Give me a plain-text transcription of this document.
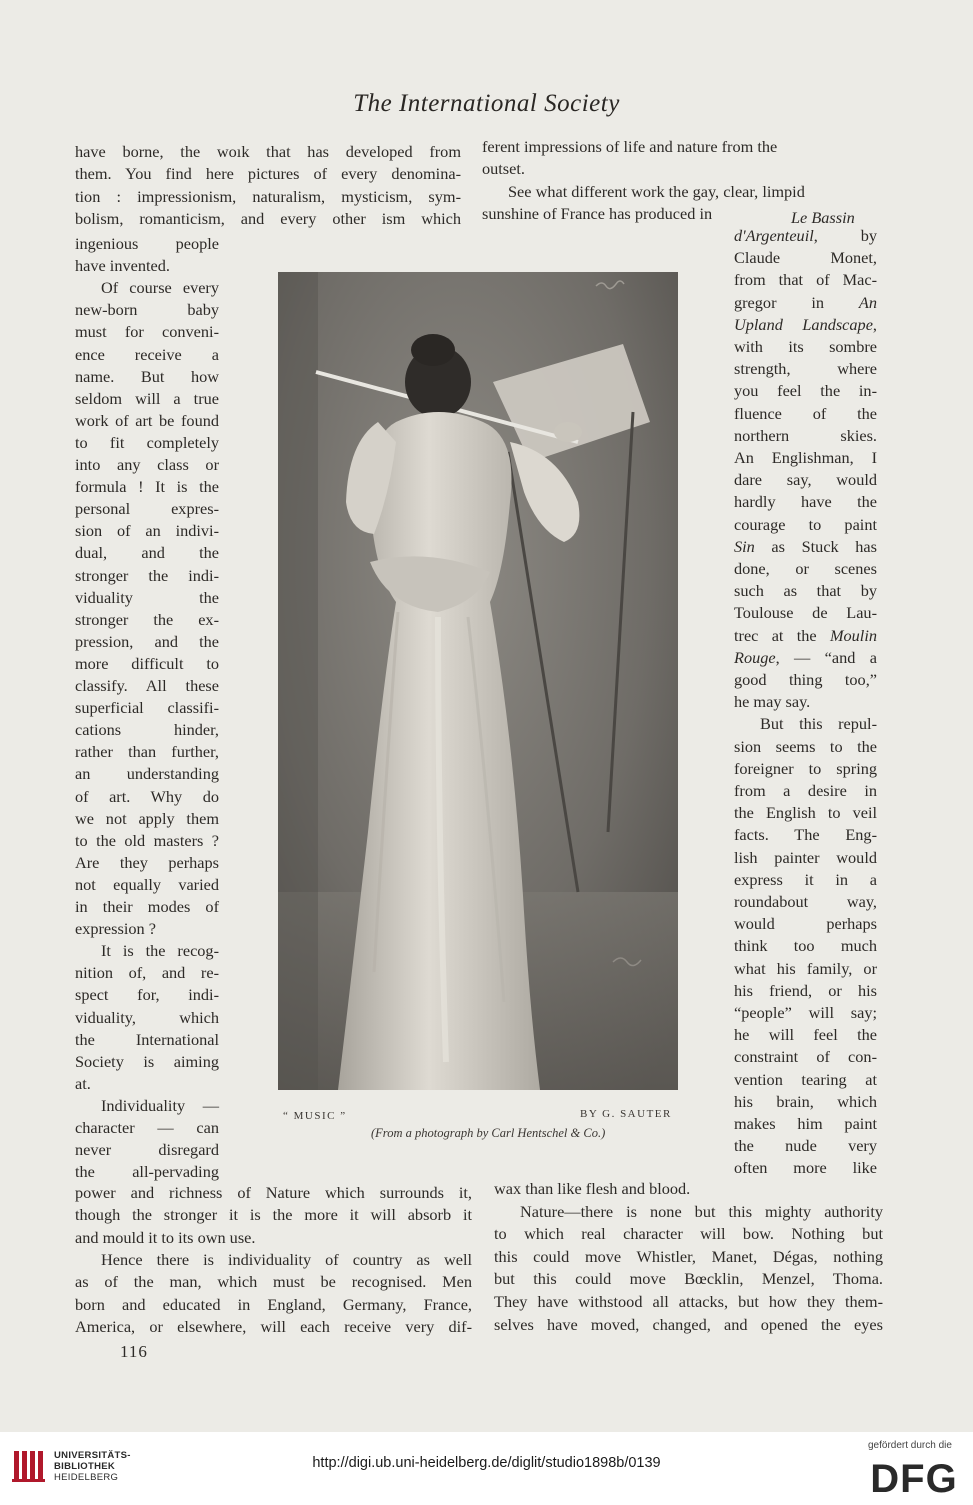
The International Society
have borne, the woık that has developed from
them. You find here pictures of every denomina-
tion : impressionism, naturalism, mysticism, sym-
bolism, romanticism, and every other ism which
ferent impressions of life and nature from the
outset.
See what different work the gay, clear, limpid
sunshine of France has produced in	Le Bassin
ingenious people
have invented.
Of course every
new-born baby
must for conveni-
ence receive a
name. But how
seldom will a true
work of art be found
to fit completely
into any class or
formula ! It is the
personal expres-
sion of an indivi-
dual, and the
stronger the indi-
viduality the
stronger the ex-
pression, and the
more difficult to
classify. All these
superficial classifi-
cations hinder,
rather than further,
an understanding
of art. Why do
we not apply them
to the old masters ?
Are they perhaps
not equally varied
in their modes of
expression ?
It is the recog-
nition of, and re-
spect for, indi-
viduality, which
the International
Society is aiming
at.
Individuality —
character — can
never disregard
the all-pervading
d'Argenteuil, by
Claude Monet,
from that of Mac-
gregor in An
Upland Landscape,
with its sombre
strength, where
you feel the in-
fluence of the
northern skies.
An Englishman, I
dare say, would
hardly have the
courage to paint
Sin as Stuck has
done, or scenes
such as that by
Toulouse de Lau-
trec at the Moulin
Rouge, — “and a
good thing too,”
he may say.
But this repul-
sion seems to the
foreigner to spring
from a desire in
the English to veil
facts. The Eng-
lish painter would
express it in a
roundabout way,
would perhaps
think too much
what his family, or
his friend, or his
“people” will say;
he will feel the
constraint of con-
vention tearing at
his brain, which
makes him paint
the nude very
often more like
power and richness of Nature which surrounds it,
though the stronger it is the more it will absorb it
and mould it to its own use.
Hence there is individuality of country as well
as of the man, which must be recognised. Men
born and educated in England, Germany, France,
America, or elsewhere, will each receive very dif-
wax than like flesh and blood.
Nature—there is none but this mighty authority
to which real character will bow. Nothing but
this could move Whistler, Manet, Dégas, nothing
but this could move Bœcklin, Menzel, Thoma.
They have withstood all attacks, but how they them-
selves have moved, changed, and opened the eyes
“ MUSIC ”	BY G. SAUTER
(From a photograph by Carl Hentschel & Co.)
116
UNIVERSITÄTS-
BIBLIOTHEK
HEIDELBERG
http://digi.ub.uni-heidelberg.de/diglit/studio1898b/0139
gefördert durch die
DFG
